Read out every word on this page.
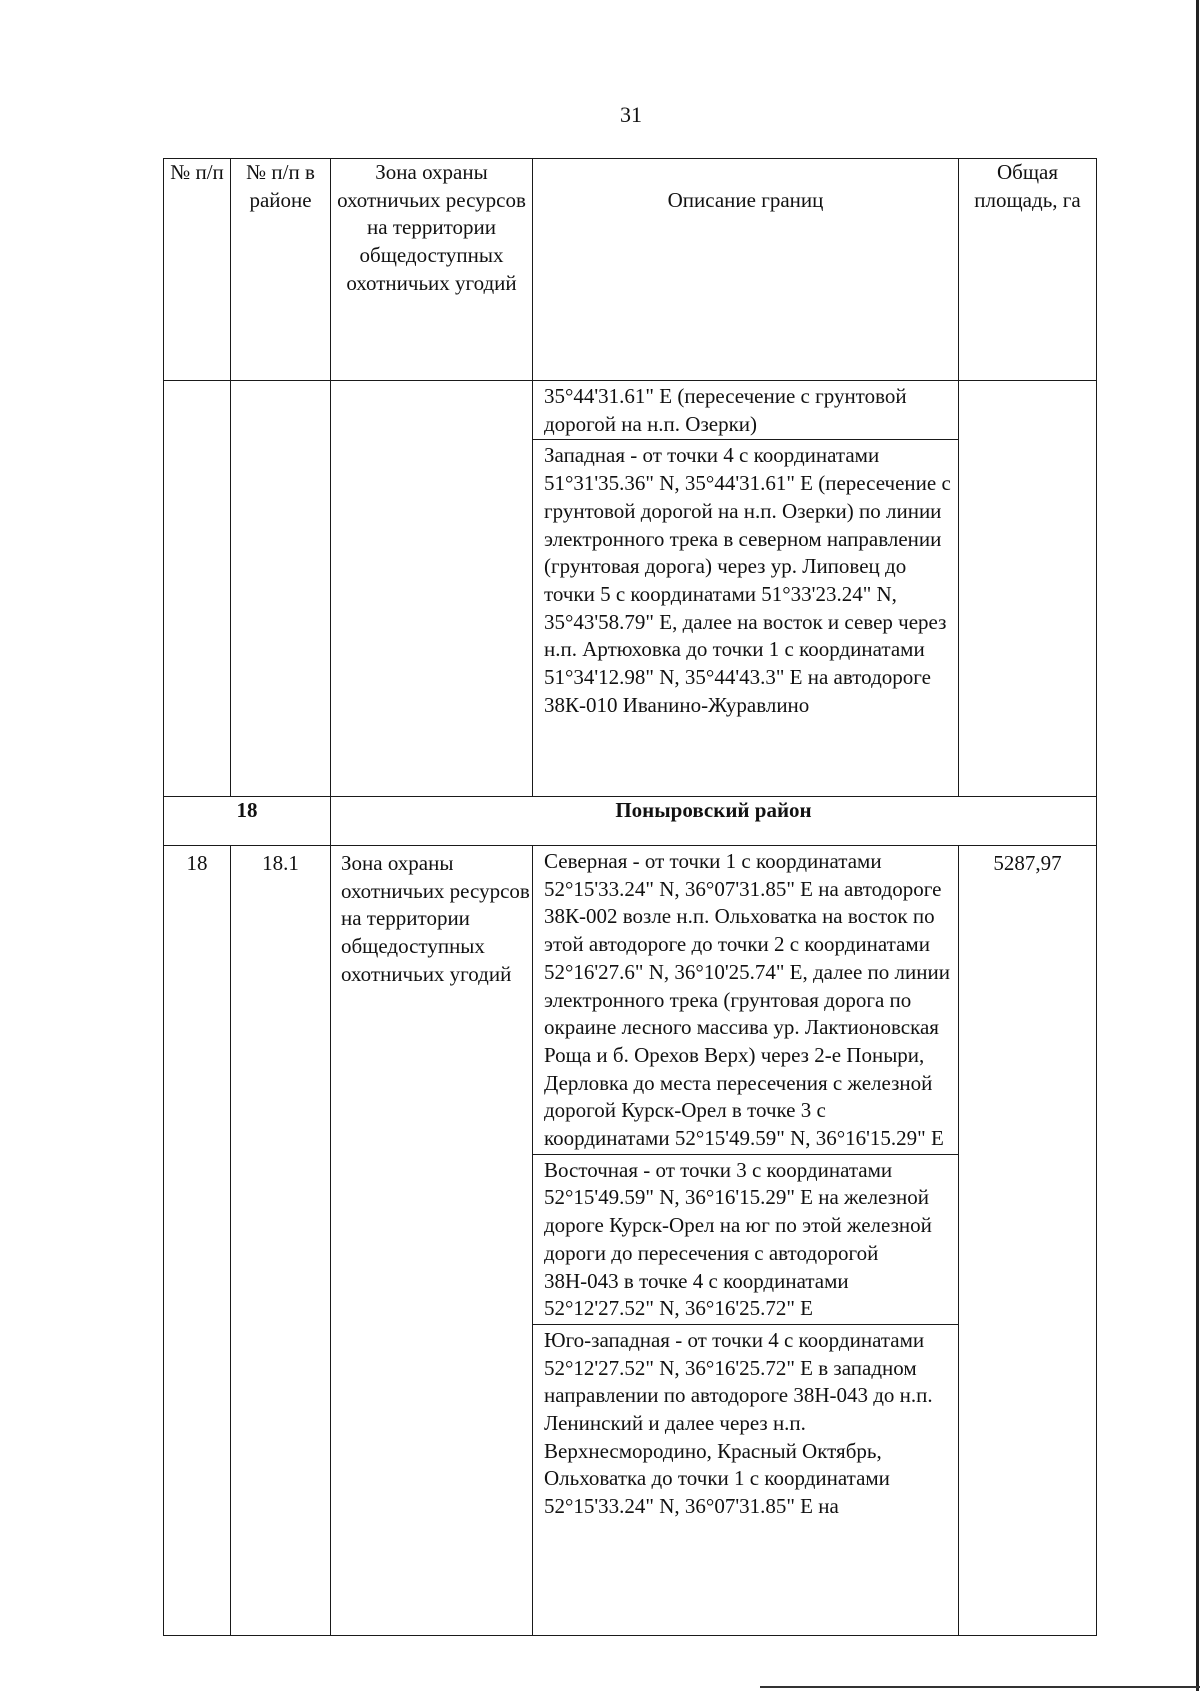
31
№ п/п	№ п/п в районе	Зона охраны охотничьих ресурсов на территории общедоступных охотничьих угодий	Описание границ	Общая площадь, га

			35°44'31.61" E (пересечение с грунтовой дорогой на н.п. Озерки)
Западная - от точки 4 с координатами 51°31'35.36" N, 35°44'31.61" E (пересечение с грунтовой дорогой на н.п. Озерки) по линии электронного трека в северном направлении (грунтовая дорога) через ур. Липовец до точки 5 с координатами 51°33'23.24" N, 35°43'58.79" E, далее на восток и север через н.п. Артюховка до точки 1 с координатами 51°34'12.98" N, 35°44'43.3" E на автодороге 38К-010 Иванино-Журавлино	

18		Поныровский район		
18	18.1	Зона охраны охотничьих ресурсов на территории общедоступных охотничьих угодий	Северная - от точки 1 с координатами 52°15'33.24" N, 36°07'31.85" E на автодороге 38К-002 возле н.п. Ольховатка на восток по этой автодороге до точки 2 с координатами 52°16'27.6" N, 36°10'25.74" E, далее по линии электронного трека (грунтовая дорога по окраине лесного массива ур. Лактионовская Роща и б. Орехов Верх) через 2-е Поныри, Дерловка до места пересечения с железной дорогой Курск-Орел в точке 3 с координатами 52°15'49.59" N, 36°16'15.29" E
Восточная - от точки 3 с координатами 52°15'49.59" N, 36°16'15.29" E на железной дороге Курск-Орел на юг по этой железной дороги до пересечения с автодорогой 38Н-043 в точке 4 с координатами 52°12'27.52" N, 36°16'25.72" E
Юго-западная - от точки 4 с координатами 52°12'27.52" N, 36°16'25.72" E в западном направлении по автодороге 38Н-043 до н.п. Ленинский и далее через н.п. Верхнесмородино, Красный Октябрь, Ольховатка до точки 1 с координатами 52°15'33.24" N, 36°07'31.85" E на	5287,97
